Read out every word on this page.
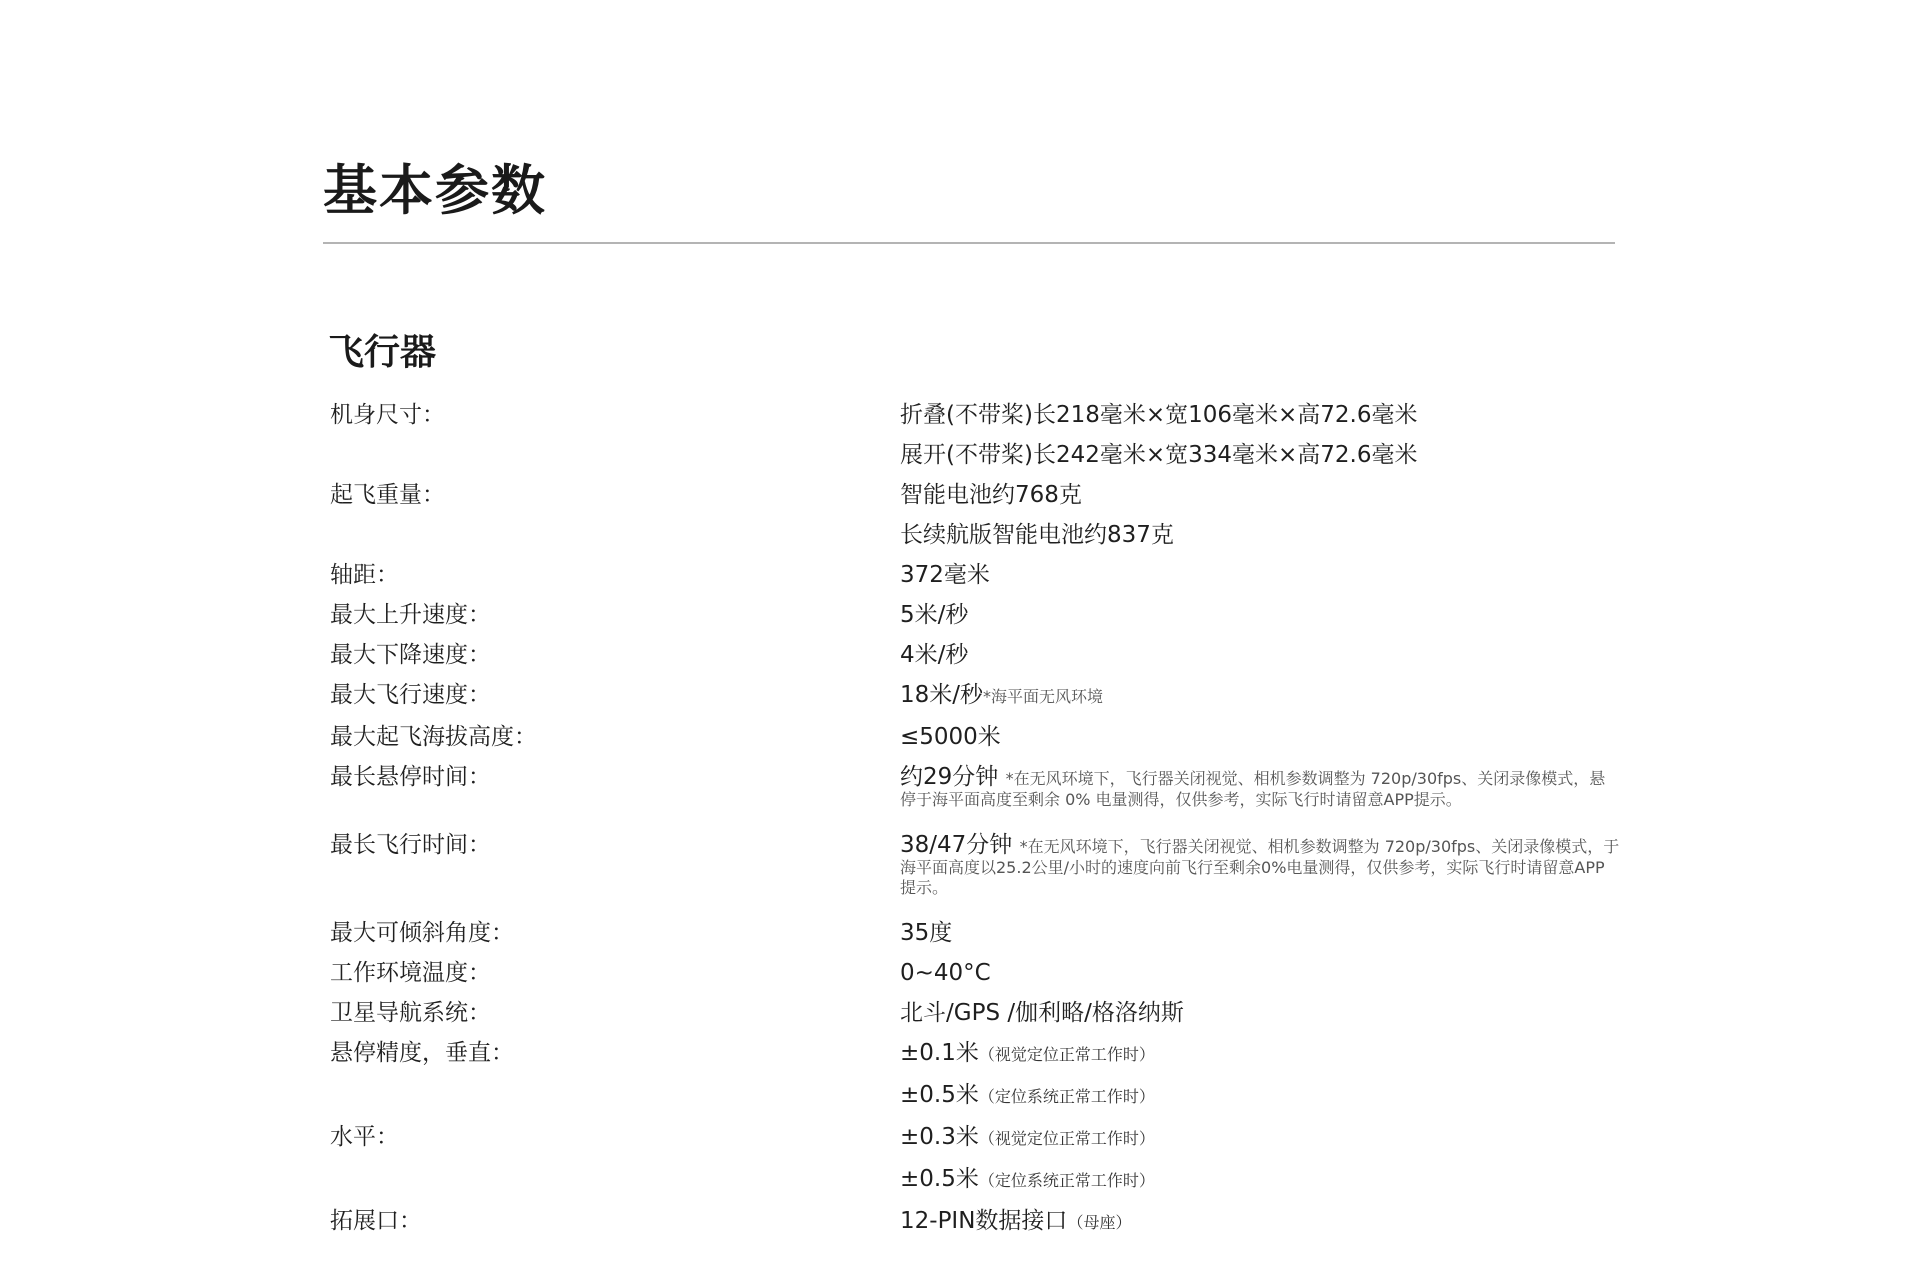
基本参数
飞行器
机身尺寸：	折叠(不带桨)长218毫米×宽106毫米×高72.6毫米
展开(不带桨)长242毫米×宽334毫米×高72.6毫米
起飞重量：	智能电池约768克
长续航版智能电池约837克
轴距：	372毫米
最大上升速度：	5米/秒
最大下降速度：	4米/秒
最大飞行速度：	18米/秒*海平面无风环境
最大起飞海拔高度：	≤5000米
最长悬停时间：	约29分钟 *在无风环境下，飞行器关闭视觉、相机参数调整为 720p/30fps、关闭录像模式，悬停于海平面高度至剩余 0% 电量测得，仅供参考，实际飞行时请留意APP提示。
最长飞行时间：	38/47分钟 *在无风环境下，飞行器关闭视觉、相机参数调整为 720p/30fps、关闭录像模式，于海平面高度以25.2公里/小时的速度向前飞行至剩余0%电量测得，仅供参考，实际飞行时请留意APP提示。
最大可倾斜角度：	35度
工作环境温度：	0~40°C
卫星导航系统：	北斗/GPS /伽利略/格洛纳斯
悬停精度，垂直：	±0.1米（视觉定位正常工作时）
±0.5米（定位系统正常工作时）
水平：	±0.3米（视觉定位正常工作时）
±0.5米（定位系统正常工作时）
拓展口：	12-PIN数据接口（母座）
